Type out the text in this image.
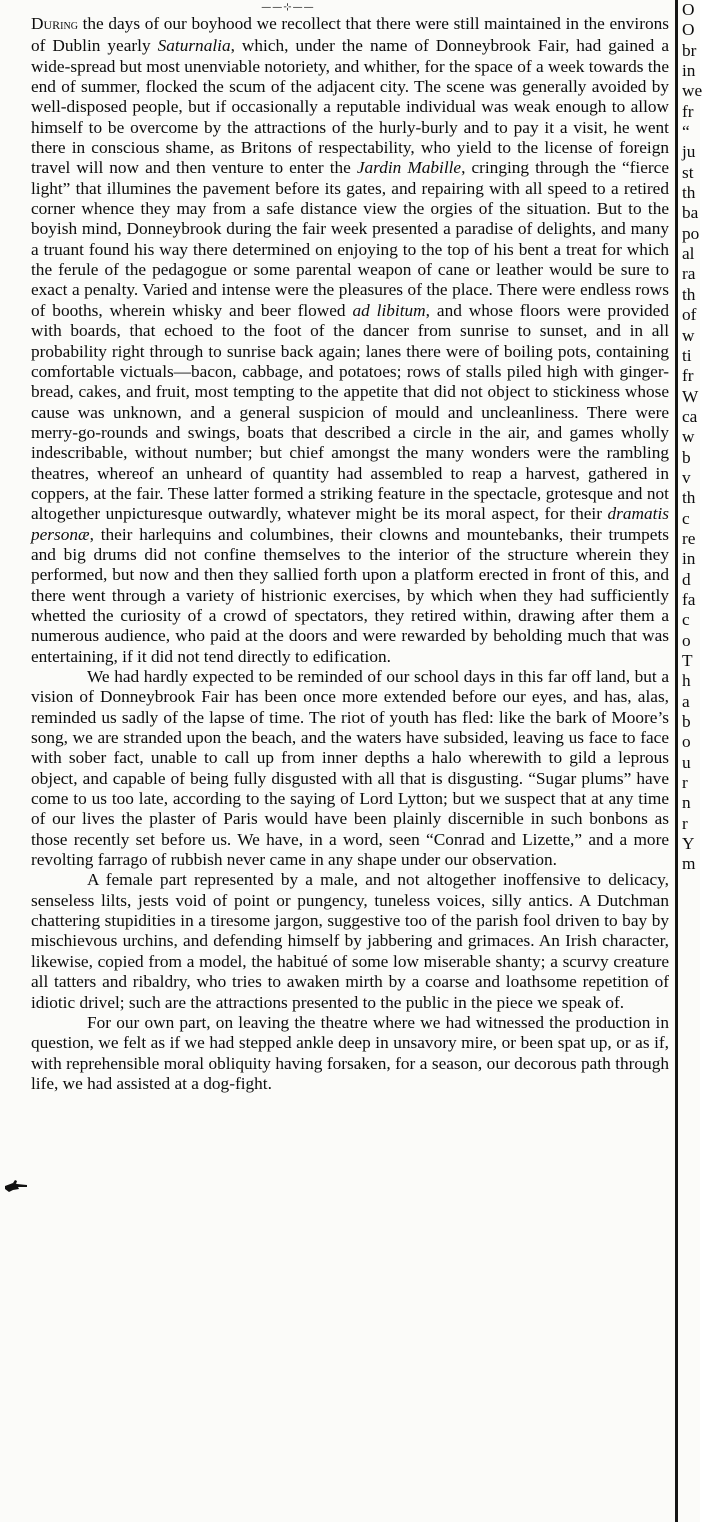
——⊹——

During the days of our boyhood we recollect that there were still maintained in the environs of Dublin yearly Saturnalia, which, under the name of Donneybrook Fair, had gained a wide-spread but most unenviable notoriety, and whither, for the space of a week towards the end of summer, flocked the scum of the adjacent city. The scene was generally avoided by well-disposed people, but if occasionally a reputable individual was weak enough to allow himself to be overcome by the attractions of the hurly-burly and to pay it a visit, he went there in conscious shame, as Britons of respectability, who yield to the license of foreign travel will now and then venture to enter the Jardin Mabille, cringing through the “fierce light” that illumines the pavement before its gates, and repairing with all speed to a retired corner whence they may from a safe distance view the orgies of the situation. But to the boyish mind, Donneybrook during the fair week presented a paradise of delights, and many a truant found his way there determined on enjoying to the top of his bent a treat for which the ferule of the pedagogue or some parental weapon of cane or leather would be sure to exact a penalty. Varied and intense were the pleasures of the place. There were endless rows of booths, wherein whisky and beer flowed ad libitum, and whose floors were provided with boards, that echoed to the foot of the dancer from sunrise to sunset, and in all probability right through to sunrise back again; lanes there were of boiling pots, containing comfortable victuals—bacon, cabbage, and potatoes; rows of stalls piled high with ginger-bread, cakes, and fruit, most tempting to the appetite that did not object to stickiness whose cause was unknown, and a general suspicion of mould and uncleanliness. There were merry-go-rounds and swings, boats that described a circle in the air, and games wholly indescribable, without number; but chief amongst the many wonders were the rambling theatres, whereof an unheard of quantity had assembled to reap a harvest, gathered in coppers, at the fair. These latter formed a striking feature in the spectacle, grotesque and not altogether unpicturesque outwardly, whatever might be its moral aspect, for their dramatis personæ, their harlequins and columbines, their clowns and mountebanks, their trumpets and big drums did not confine themselves to the interior of the structure wherein they performed, but now and then they sallied forth upon a platform erected in front of this, and there went through a variety of histrionic exercises, by which when they had sufficiently whetted the curiosity of a crowd of spectators, they retired within, drawing after them a numerous audience, who paid at the doors and were rewarded by beholding much that was entertaining, if it did not tend directly to edification.

We had hardly expected to be reminded of our school days in this far off land, but a vision of Donneybrook Fair has been once more extended before our eyes, and has, alas, reminded us sadly of the lapse of time. The riot of youth has fled: like the bark of Moore’s song, we are stranded upon the beach, and the waters have subsided, leaving us face to face with sober fact, unable to call up from inner depths a halo wherewith to gild a leprous object, and capable of being fully disgusted with all that is disgusting. “Sugar plums” have come to us too late, according to the saying of Lord Lytton; but we suspect that at any time of our lives the plaster of Paris would have been plainly discernible in such bonbons as those recently set before us. We have, in a word, seen “Conrad and Lizette,” and a more revolting farrago of rubbish never came in any shape under our observation.

A female part represented by a male, and not altogether inoffensive to delicacy, senseless lilts, jests void of point or pungency, tuneless voices, silly antics. A Dutchman chattering stupidities in a tiresome jargon, suggestive too of the parish fool driven to bay by mischievous urchins, and defending himself by jabbering and grimaces. An Irish character, likewise, copied from a model, the habitué of some low miserable shanty; a scurvy creature all tatters and ribaldry, who tries to awaken mirth by a coarse and loathsome repetition of idiotic drivel; such are the attractions presented to the public in the piece we speak of.

For our own part, on leaving the theatre where we had witnessed the production in question, we felt as if we had stepped ankle deep in unsavory mire, or been spat up, or as if, with reprehensible moral obliquity having forsaken, for a season, our decorous path through life, we had assisted at a dog-fight.

O
O
br
in
we
fr
“
ju
st
th
ba
po
al
ra
th
of
w
ti
fr
W
ca
w
b
v
th
c
re
in
d
fa
c
o
T
h
a
b
o
u
r
n
r
Y
m
